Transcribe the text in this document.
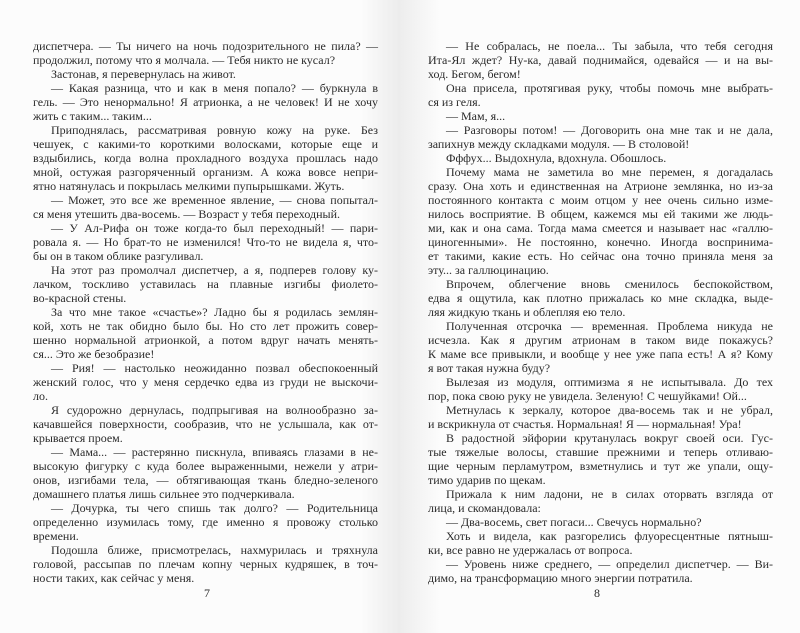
диспетчера. — Ты ничего на ночь подозрительного не пила? —
продолжил, потому что я молчала. — Тебя никто не кусал?
Застонав, я перевернулась на живот.
— Какая разница, что и как в меня попало? — буркнула в
гель. — Это ненормально! Я атрионка, а не человек! И не хочу
жить с таким... таким...
Приподнялась, рассматривая ровную кожу на руке. Без
чешуек, с какими-то короткими волосками, которые еще и
вздыбились, когда волна прохладного воздуха прошлась надо
мной, остужая разгоряченный организм. А кожа вовсе непри-
ятно натянулась и покрылась мелкими пупырышками. Жуть.
— Может, это все же временное явление, — снова попытал-
ся меня утешить два-восемь. — Возраст у тебя переходный.
— У Ал-Рифа он тоже когда-то был переходный! — пари-
ровала я. — Но брат-то не изменился! Что-то не видела я, что-
бы он в таком облике разгуливал.
На этот раз промолчал диспетчер, а я, подперев голову ку-
лачком, тоскливо уставилась на плавные изгибы фиолето-
во-красной стены.
За что мне такое «счастье»? Ладно бы я родилась землян-
кой, хоть не так обидно было бы. Но сто лет прожить совер-
шенно нормальной атрионкой, а потом вдруг начать менять-
ся... Это же безобразие!
— Рия! — настолько неожиданно позвал обеспокоенный
женский голос, что у меня сердечко едва из груди не выскочи-
ло.
Я судорожно дернулась, подпрыгивая на волнообразно за-
качавшейся поверхности, сообразив, что не услышала, как от-
крывается проем.
— Мама... — растерянно пискнула, впиваясь глазами в не-
высокую фигурку с куда более выраженными, нежели у атри-
онов, изгибами тела, — обтягивающая ткань бледно-зеленого
домашнего платья лишь сильнее это подчеркивала.
— Дочурка, ты чего спишь так долго? — Родительница
определенно изумилась тому, где именно я провожу столько
времени.
Подошла ближе, присмотрелась, нахмурилась и тряхнула
головой, рассыпав по плечам копну черных кудряшек, в точ-
ности таких, как сейчас у меня.
7
— Не собралась, не поела... Ты забыла, что тебя сегодня
Ита-Ял ждет? Ну-ка, давай поднимайся, одевайся — и на вы-
ход. Бегом, бегом!
Она присела, протягивая руку, чтобы помочь мне выбрать-
ся из геля.
— Мам, я...
— Разговоры потом! — Договорить она мне так и не дала,
запихнув между складками модуля. — В столовой!
Фффух... Выдохнула, вдохнула. Обошлось.
Почему мама не заметила во мне перемен, я догадалась
сразу. Она хоть и единственная на Атрионе землянка, но из-за
постоянного контакта с моим отцом у нее очень сильно изме-
нилось восприятие. В общем, кажемся мы ей такими же людь-
ми, как и она сама. Тогда мама смеется и называет нас «галлю-
циногенными». Не постоянно, конечно. Иногда воспринима-
ет такими, какие есть. Но сейчас она точно приняла меня за
эту... за галлюцинацию.
Впрочем, облегчение вновь сменилось беспокойством,
едва я ощутила, как плотно прижалась ко мне складка, выде-
ляя жидкую ткань и облепляя ею тело.
Полученная отсрочка — временная. Проблема никуда не
исчезла. Как я другим атрионам в таком виде покажусь?
К маме все привыкли, и вообще у нее уже папа есть! А я? Кому
я вот такая нужна буду?
Вылезая из модуля, оптимизма я не испытывала. До тех
пор, пока свою руку не увидела. Зеленую! С чешуйками! Ой...
Метнулась к зеркалу, которое два-восемь так и не убрал,
и вскрикнула от счастья. Нормальная! Я — нормальная! Ура!
В радостной эйфории крутанулась вокруг своей оси. Гус-
тые тяжелые волосы, ставшие прежними и теперь отливаю-
щие черным перламутром, взметнулись и тут же упали, ощу-
тимо ударив по щекам.
Прижала к ним ладони, не в силах оторвать взгляда от
лица, и скомандовала:
— Два-восемь, свет погаси... Свечусь нормально?
Хоть и видела, как разгорелись флуоресцентные пятныш-
ки, все равно не удержалась от вопроса.
— Уровень ниже среднего, — определил диспетчер. — Ви-
димо, на трансформацию много энергии потратила.
8
